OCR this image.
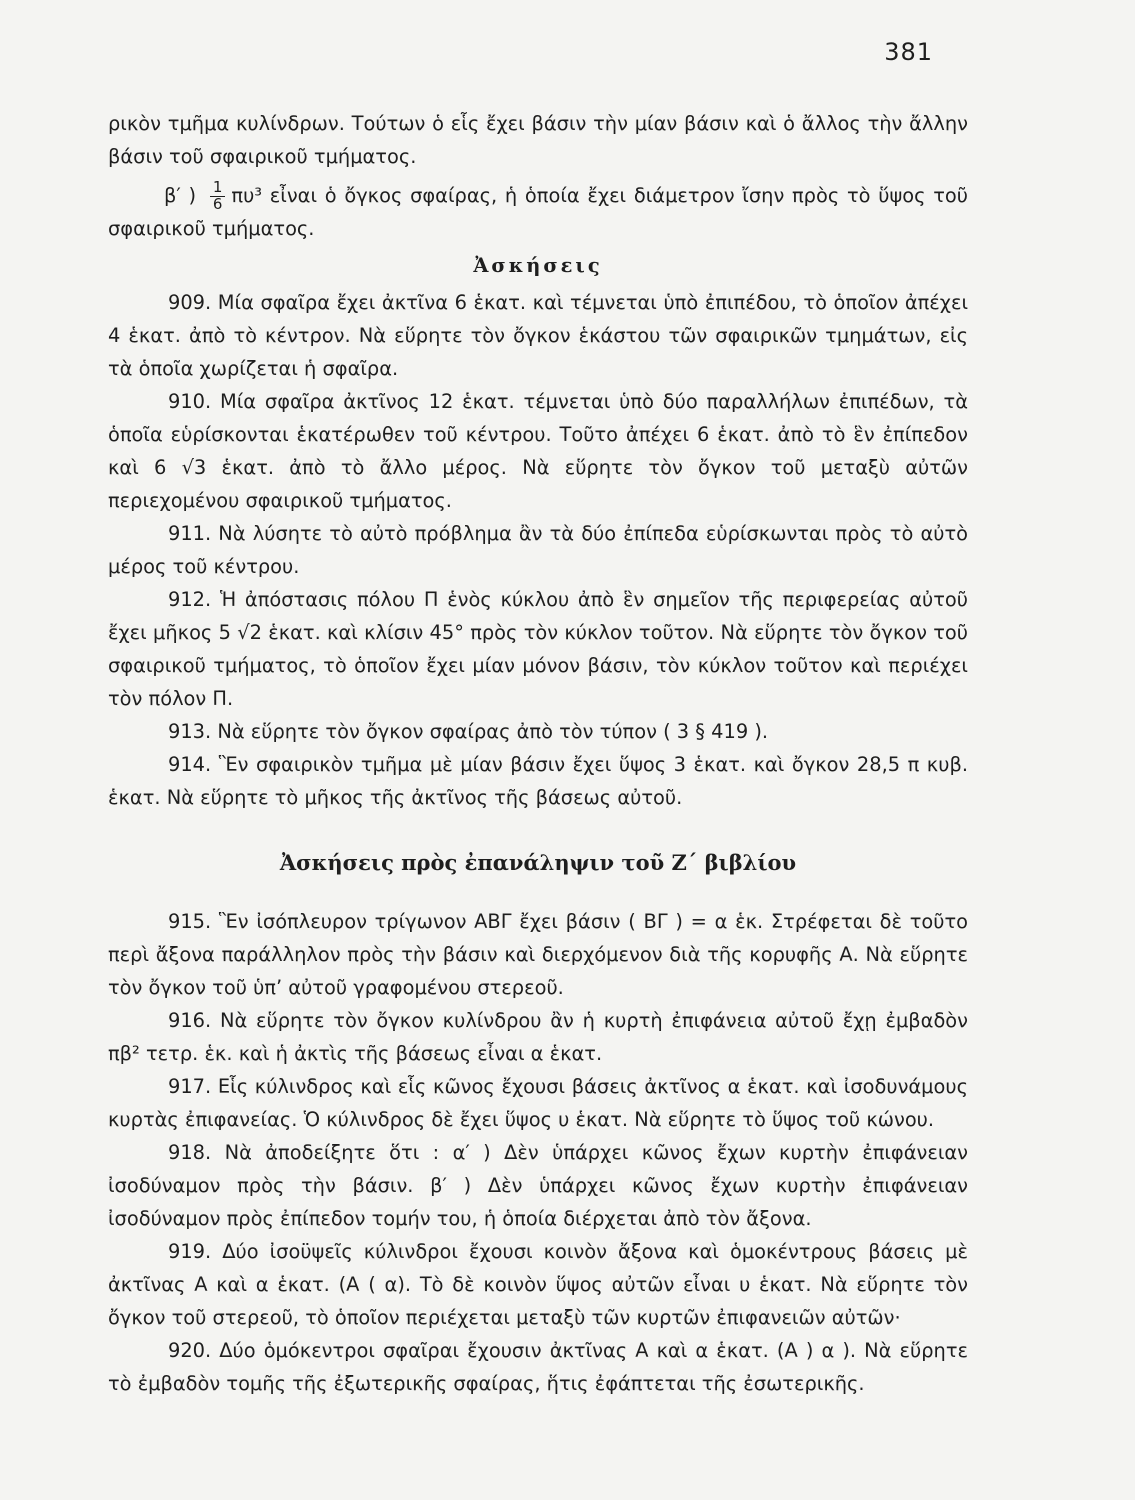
381

ρικὸν τμῆμα κυλίνδρων. Τούτων ὁ εἷς ἔχει βάσιν τὴν μίαν βάσιν καὶ ὁ ἄλλος τὴν ἄλλην βάσιν τοῦ σφαιρικοῦ τμήματος.

β′ ) $\frac{1}{6} \pi\upsilon^3$ εἶναι ὁ ὄγκος σφαίρας, ἡ ὁποία ἔχει διάμετρον ἴσην πρὸς τὸ ὕψος τοῦ σφαιρικοῦ τμήματος.

Ἀσκήσεις

909. Μία σφαῖρα ἔχει ἀκτῖνα 6 ἑκατ. καὶ τέμνεται ὑπὸ ἐπιπέδου, τὸ ὁποῖον ἀπέχει 4 ἑκατ. ἀπὸ τὸ κέντρον. Νὰ εὕρητε τὸν ὄγκον ἑκάστου τῶν σφαιρικῶν τμημάτων, εἰς τὰ ὁποῖα χωρίζεται ἡ σφαῖρα.

910. Μία σφαῖρα ἀκτῖνος 12 ἑκατ. τέμνεται ὑπὸ δύο παραλλήλων ἐπιπέδων, τὰ ὁποῖα εὑρίσκονται ἑκατέρωθεν τοῦ κέντρου. Τοῦτο ἀπέχει 6 ἑκατ. ἀπὸ τὸ ἓν ἐπίπεδον καὶ 6 √3 ἑκατ. ἀπὸ τὸ ἄλλο μέρος. Νὰ εὕρητε τὸν ὄγκον τοῦ μεταξὺ αὐτῶν περιεχομένου σφαιρικοῦ τμήματος.

911. Νὰ λύσητε τὸ αὐτὸ πρόβλημα ἂν τὰ δύο ἐπίπεδα εὑρίσκωνται πρὸς τὸ αὐτὸ μέρος τοῦ κέντρου.

912. Ἡ ἀπόστασις πόλου Π ἑνὸς κύκλου ἀπὸ ἓν σημεῖον τῆς περιφερείας αὐτοῦ ἔχει μῆκος 5 √2 ἑκατ. καὶ κλίσιν 45° πρὸς τὸν κύκλον τοῦτον. Νὰ εὕρητε τὸν ὄγκον τοῦ σφαιρικοῦ τμήματος, τὸ ὁποῖον ἔχει μίαν μόνον βάσιν, τὸν κύκλον τοῦτον καὶ περιέχει τὸν πόλον Π.

913. Νὰ εὕρητε τὸν ὄγκον σφαίρας ἀπὸ τὸν τύπον ( 3 § 419 ).

914. Ἓν σφαιρικὸν τμῆμα μὲ μίαν βάσιν ἔχει ὕψος 3 ἑκατ. καὶ ὄγκον 28,5 π κυβ. ἑκατ. Νὰ εὕρητε τὸ μῆκος τῆς ἀκτῖνος τῆς βάσεως αὐτοῦ.

Ἀσκήσεις πρὸς ἐπανάληψιν τοῦ Ζ΄ βιβλίου

915. Ἓν ἰσόπλευρον τρίγωνον ΑΒΓ ἔχει βάσιν ( ΒΓ ) = α ἑκ. Στρέφεται δὲ τοῦτο περὶ ἄξονα παράλληλον πρὸς τὴν βάσιν καὶ διερχόμενον διὰ τῆς κορυφῆς Α. Νὰ εὕρητε τὸν ὄγκον τοῦ ὑπ’ αὐτοῦ γραφομένου στερεοῦ.

916. Νὰ εὕρητε τὸν ὄγκον κυλίνδρου ἂν ἡ κυρτὴ ἐπιφάνεια αὐτοῦ ἔχῃ ἐμβαδὸν πβ² τετρ. ἑκ. καὶ ἡ ἀκτὶς τῆς βάσεως εἶναι α ἑκατ.

917. Εἷς κύλινδρος καὶ εἷς κῶνος ἔχουσι βάσεις ἀκτῖνος α ἑκατ. καὶ ἰσοδυνάμους κυρτὰς ἐπιφανείας. Ὁ κύλινδρος δὲ ἔχει ὕψος υ ἑκατ. Νὰ εὕρητε τὸ ὕψος τοῦ κώνου.

918. Νὰ ἀποδείξητε ὅτι : α′ ) Δὲν ὑπάρχει κῶνος ἔχων κυρτὴν ἐπιφάνειαν ἰσοδύναμον πρὸς τὴν βάσιν. β′ ) Δὲν ὑπάρχει κῶνος ἔχων κυρτὴν ἐπιφάνειαν ἰσοδύναμον πρὸς ἐπίπεδον τομήν του, ἡ ὁποία διέρχεται ἀπὸ τὸν ἄξονα.

919. Δύο ἰσοϋψεῖς κύλινδροι ἔχουσι κοινὸν ἄξονα καὶ ὁμοκέντρους βάσεις μὲ ἀκτῖνας Α καὶ α ἑκατ. (Α ( α). Τὸ δὲ κοινὸν ὕψος αὐτῶν εἶναι υ ἑκατ. Νὰ εὕρητε τὸν ὄγκον τοῦ στερεοῦ, τὸ ὁποῖον περιέχεται μεταξὺ τῶν κυρτῶν ἐπιφανειῶν αὐτῶν·

920. Δύο ὁμόκεντροι σφαῖραι ἔχουσιν ἀκτῖνας Α καὶ α ἑκατ. (Α ) α ). Νὰ εὕρητε τὸ ἐμβαδὸν τομῆς τῆς ἐξωτερικῆς σφαίρας, ἥτις ἐφάπτεται τῆς ἐσωτερικῆς.
